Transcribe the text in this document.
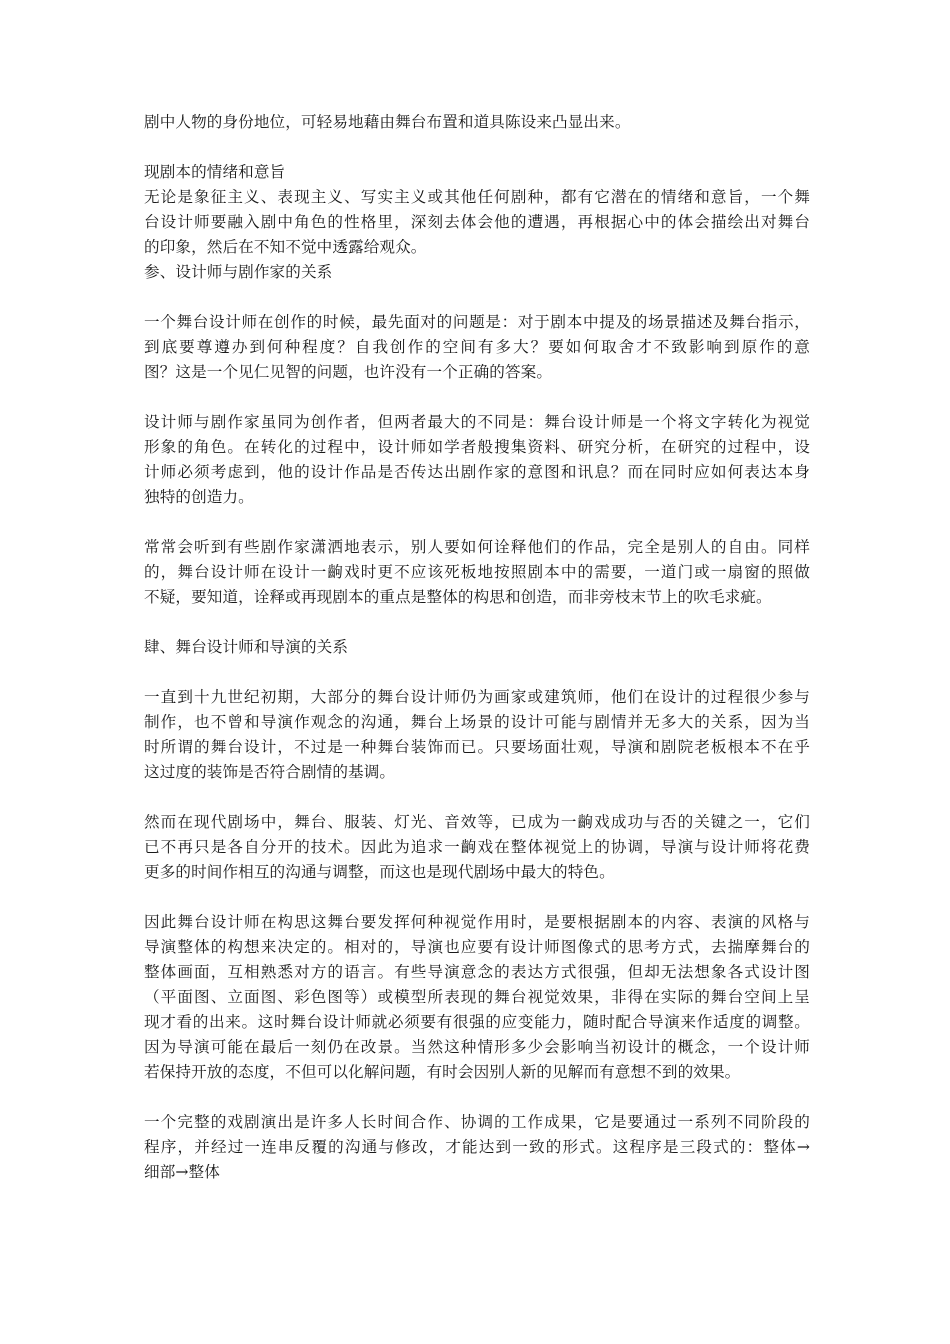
剧中人物的身份地位，可轻易地藉由舞台布置和道具陈设来凸显出来。

现剧本的情绪和意旨

无论是象征主义、表现主义、写实主义或其他任何剧种，都有它潜在的情绪和意旨，一个舞
台设计师要融入剧中角色的性格里，深刻去体会他的遭遇，再根据心中的体会描绘出对舞台
的印象，然后在不知不觉中透露给观众。

参、设计师与剧作家的关系

一个舞台设计师在创作的时候，最先面对的问题是：对于剧本中提及的场景描述及舞台指示，
到底要尊遵办到何种程度？自我创作的空间有多大？要如何取舍才不致影响到原作的意
图？这是一个见仁见智的问题，也许没有一个正确的答案。

设计师与剧作家虽同为创作者，但两者最大的不同是：舞台设计师是一个将文字转化为视觉
形象的角色。在转化的过程中，设计师如学者般搜集资料、研究分析，在研究的过程中，设
计师必须考虑到，他的设计作品是否传达出剧作家的意图和讯息？而在同时应如何表达本身
独特的创造力。

常常会听到有些剧作家潇洒地表示，别人要如何诠释他们的作品，完全是别人的自由。同样
的，舞台设计师在设计一齣戏时更不应该死板地按照剧本中的需要，一道门或一扇窗的照做
不疑，要知道，诠释或再现剧本的重点是整体的构思和创造，而非旁枝末节上的吹毛求疵。

肆、舞台设计师和导演的关系

一直到十九世纪初期，大部分的舞台设计师仍为画家或建筑师，他们在设计的过程很少参与
制作，也不曾和导演作观念的沟通，舞台上场景的设计可能与剧情并无多大的关系，因为当
时所谓的舞台设计，不过是一种舞台装饰而已。只要场面壮观，导演和剧院老板根本不在乎
这过度的装饰是否符合剧情的基调。

然而在现代剧场中，舞台、服装、灯光、音效等，已成为一齣戏成功与否的关键之一，它们
已不再只是各自分开的技术。因此为追求一齣戏在整体视觉上的协调，导演与设计师将花费
更多的时间作相互的沟通与调整，而这也是现代剧场中最大的特色。

因此舞台设计师在构思这舞台要发挥何种视觉作用时，是要根据剧本的内容、表演的风格与
导演整体的构想来决定的。相对的，导演也应要有设计师图像式的思考方式，去揣摩舞台的
整体画面，互相熟悉对方的语言。有些导演意念的表达方式很强，但却无法想象各式设计图
（平面图、立面图、彩色图等）或模型所表现的舞台视觉效果，非得在实际的舞台空间上呈
现才看的出来。这时舞台设计师就必须要有很强的应变能力，随时配合导演来作适度的调整。
因为导演可能在最后一刻仍在改景。当然这种情形多少会影响当初设计的概念，一个设计师
若保持开放的态度，不但可以化解问题，有时会因别人新的见解而有意想不到的效果。

一个完整的戏剧演出是许多人长时间合作、协调的工作成果，它是要通过一系列不同阶段的
程序，并经过一连串反覆的沟通与修改，才能达到一致的形式。这程序是三段式的：整体→
细部→整体
